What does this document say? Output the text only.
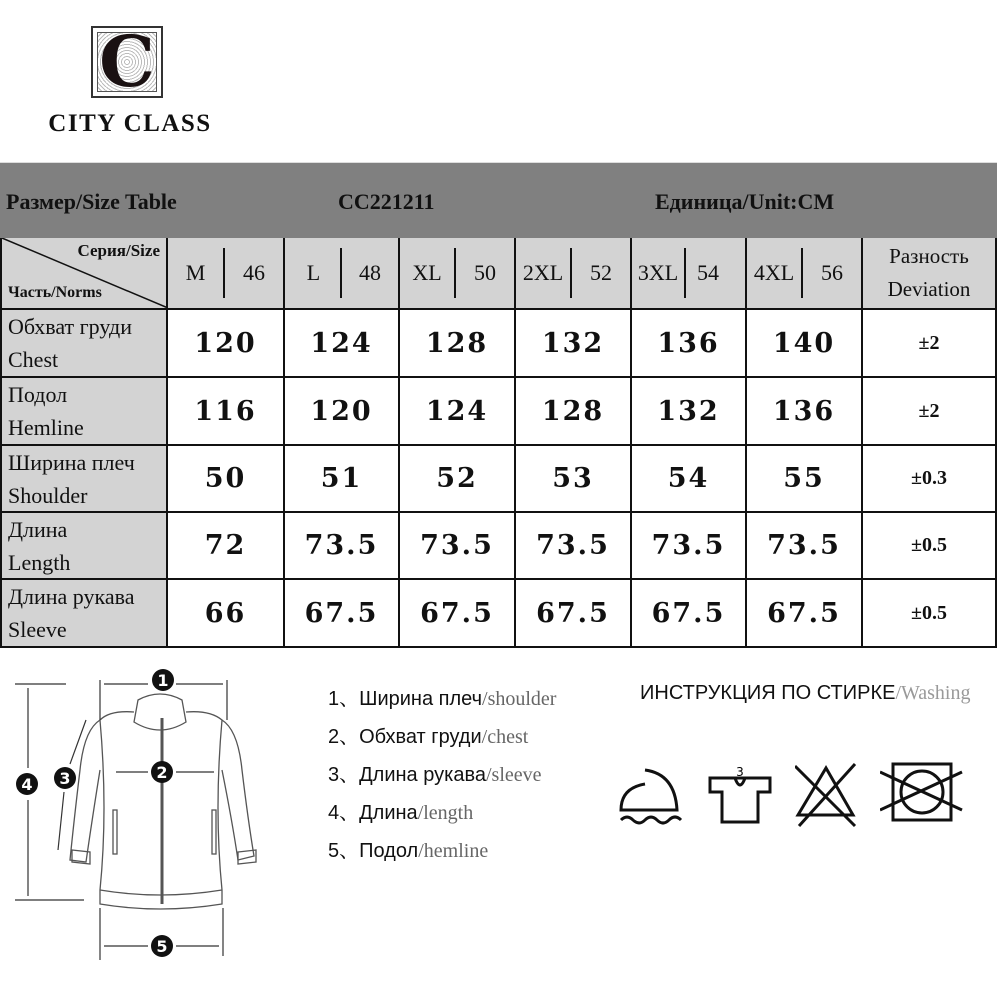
C
CITY CLASS
Размер/Size Table	CC221211	Единица/Unit:CM
Серия/Size
Часть/Norms
M	46	L	48	XL	50	2XL	52	3XL 54	4XL	56
Разность
Deviation
Обхват груди
Chest
120	124	128	132	136	140	±2
Подол
Hemline
116	120	124	128	132	136	±2
Ширина плеч
Shoulder
50	51	52	53	54	55	±0.3
Длина
Length
72	73.5	73.5	73.5	73.5	73.5	±0.5
Длина рукава
Sleeve
66	67.5	67.5	67.5	67.5	67.5	±0.5
1
2
3
4
5
1、Ширина плеч/shoulder
2、Обхват груди/chest
3、Длина рукава/sleeve
4、Длина/length
5、Подол/hemline
ИНСТРУКЦИЯ ПО СТИРКЕ/Washing
3
